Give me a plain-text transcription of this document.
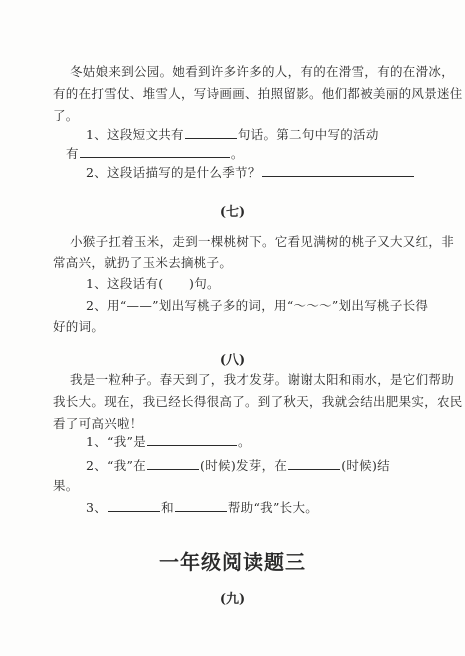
冬姑娘来到公园。她看到许多许多的人，有的在滑雪，有的在滑冰，
有的在打雪仗、堆雪人，写诗画画、拍照留影。他们都被美丽的风景迷住
了。
1、这段短文共有	句话。第二句中写的活动
有	。
2、这段话描写的是什么季节？
(七)
小猴子扛着玉米，走到一棵桃树下。它看见满树的桃子又大又红，非
常高兴，就扔了玉米去摘桃子。
1、这段话有(　　)句。
2、用“——”划出写桃子多的词，用“～～～”划出写桃子长得
好的词。
(八)
我是一粒种子。春天到了，我才发芽。谢谢太阳和雨水，是它们帮助
我长大。现在，我已经长得很高了。到了秋天，我就会结出肥果实，农民
看了可高兴啦！
1、“我”是	。
2、“我”在	(时候)发芽，在	(时候)结
果。
3、	和	帮助“我”长大。
一年级阅读题三
(九)
